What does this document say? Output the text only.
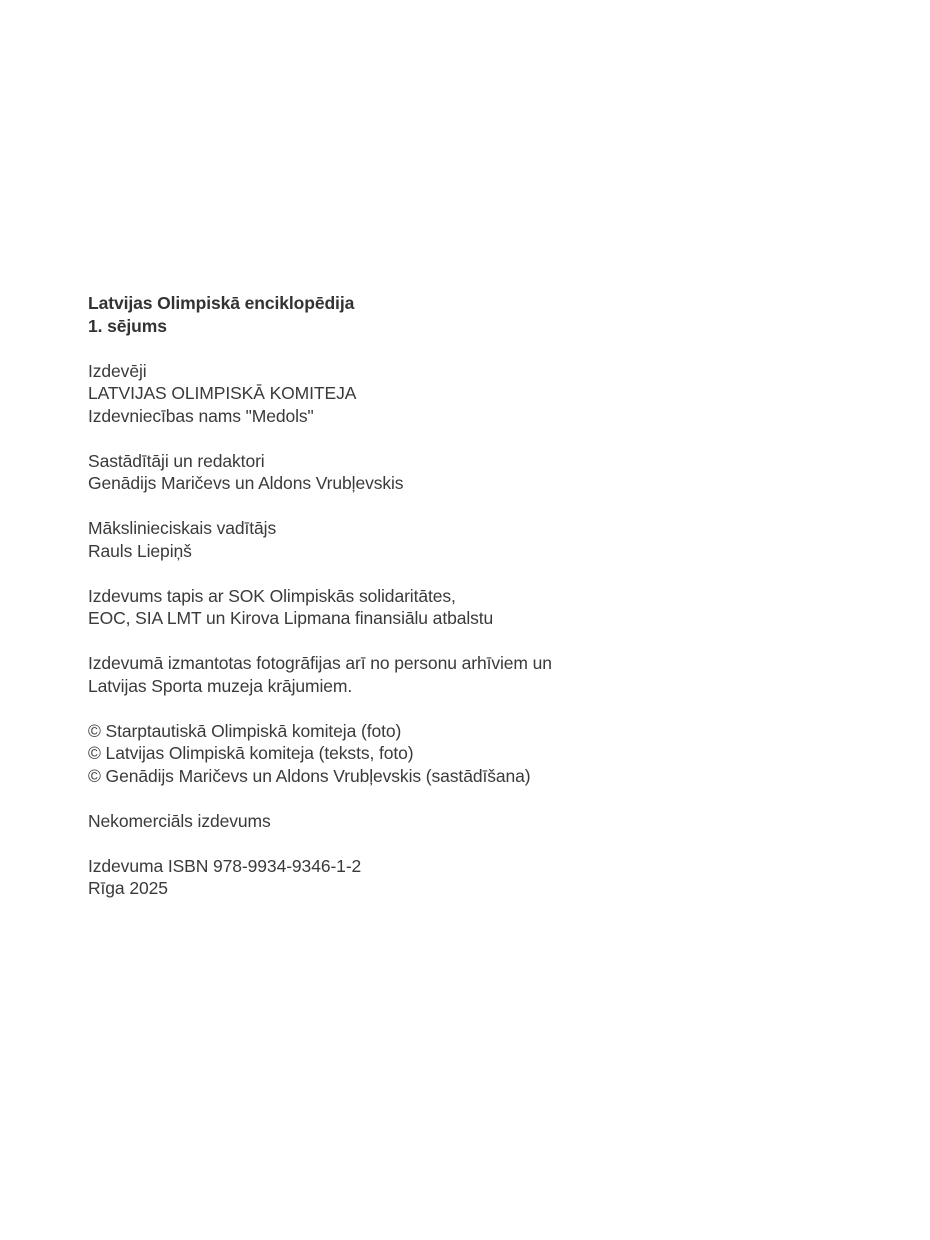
Latvijas Olimpiskā enciklopēdija
1. sējums
Izdevēji
LATVIJAS OLIMPISKĀ KOMITEJA
Izdevniecības nams "Medols"
Sastādītāji un redaktori
Genādijs Maričevs un Aldons Vrubļevskis
Mākslinieciskais vadītājs
Rauls Liepiņš
Izdevums tapis ar SOK Olimpiskās solidaritātes,
EOC, SIA LMT un Kirova Lipmana finansiālu atbalstu
Izdevumā izmantotas fotogrāfijas arī no personu arhīviem un
Latvijas Sporta muzeja krājumiem.
© Starptautiskā Olimpiskā komiteja (foto)
© Latvijas Olimpiskā komiteja (teksts, foto)
© Genādijs Maričevs un Aldons Vrubļevskis (sastādīšana)
Nekomerciāls izdevums
Izdevuma ISBN 978-9934-9346-1-2
Rīga 2025
